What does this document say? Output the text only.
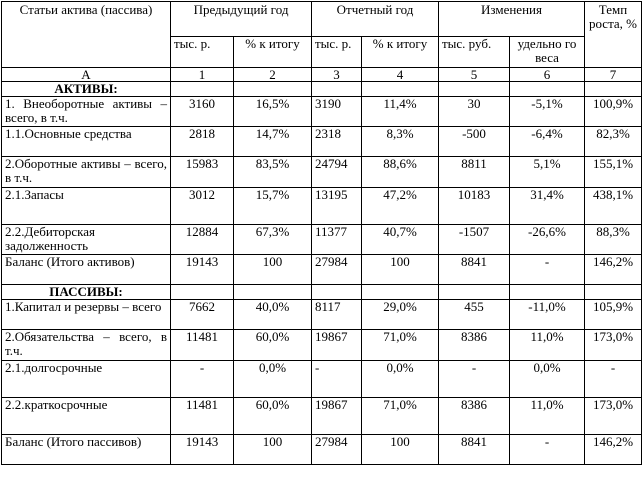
Статьи актива (пассива)	Предыдущий год		Отчетный год		Изменения		Темп роста, %
	тыс. р.	% к итогу	тыс. р.	% к итогу	тыс. руб.	удельно го веса	
А	1	2	3	4	5	6	7
АКТИВЫ:							
1. Внеоборотные активы – всего, в т.ч.	3160	16,5%	3190	11,4%	30	-5,1%	100,9%
1.1.Основные средства	2818	14,7%	2318	8,3%	-500	-6,4%	82,3%
2.Оборотные активы – всего, в т.ч.	15983	83,5%	24794	88,6%	8811	5,1%	155,1%
2.1.Запасы	3012	15,7%	13195	47,2%	10183	31,4%	438,1%
2.2.Дебиторская задолженность	12884	67,3%	11377	40,7%	-1507	-26,6%	88,3%
Баланс (Итого активов)	19143	100	27984	100	8841	-	146,2%
ПАССИВЫ:							
1.Капитал и резервы – всего	7662	40,0%	8117	29,0%	455	-11,0%	105,9%
2.Обязательства – всего, в т.ч.	11481	60,0%	19867	71,0%	8386	11,0%	173,0%
2.1.долгосрочные	-	0,0%	-	0,0%	-	0,0%	-
2.2.краткосрочные	11481	60,0%	19867	71,0%	8386	11,0%	173,0%
Баланс (Итого пассивов)	19143	100	27984	100	8841	-	146,2%
